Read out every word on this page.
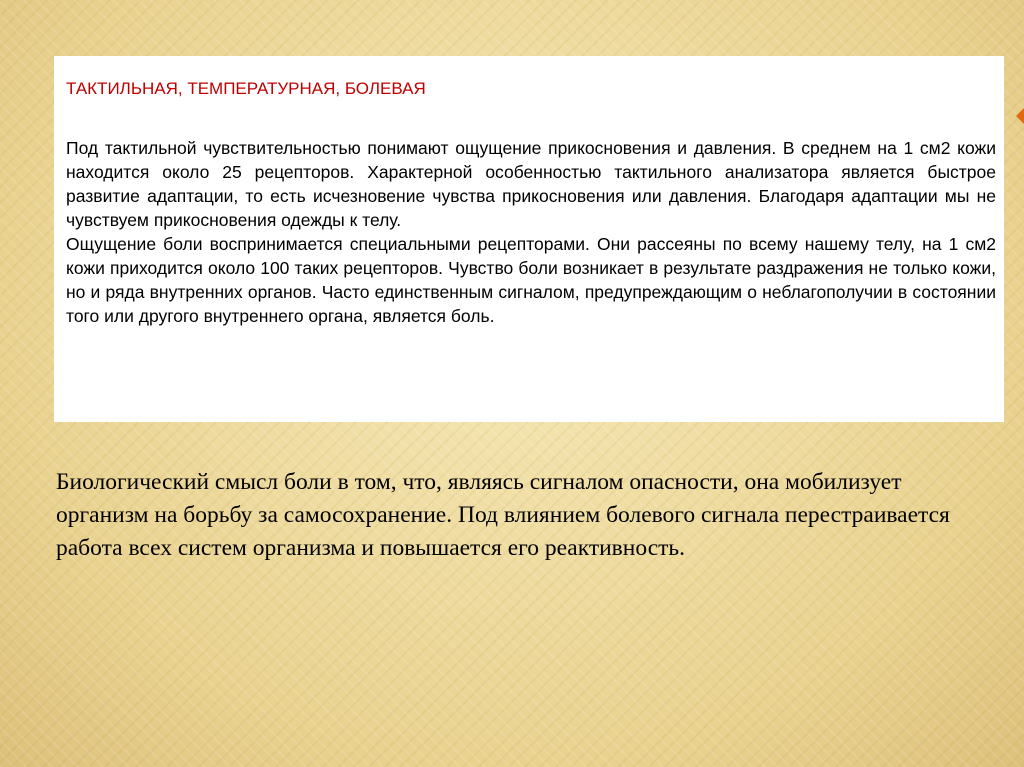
ТАКТИЛЬНАЯ, ТЕМПЕРАТУРНАЯ, БОЛЕВАЯ

Под тактильной чувствительностью понимают ощущение прикосновения и давления. В среднем на 1 см2 кожи находится около 25 рецепторов. Характерной особенностью тактильного анализатора является быстрое развитие адаптации, то есть исчезновение чувства прикосновения или давления. Благодаря адаптации мы не чувствуем прикосновения одежды к телу.

Ощущение боли воспринимается специальными рецепторами. Они рассеяны по всему нашему телу, на 1 см2 кожи приходится около 100 таких рецепторов. Чувство боли возникает в результате раздражения не только кожи, но и ряда внутренних органов. Часто единственным сигналом, предупреждающим о неблагополучии в состоянии того или другого внутреннего органа, является боль.

Биологический смысл боли в том, что, являясь сигналом опасности, она мобилизует организм на борьбу за самосохранение. Под влиянием болевого сигнала перестраивается работа всех систем организма и повышается его реактивность.
